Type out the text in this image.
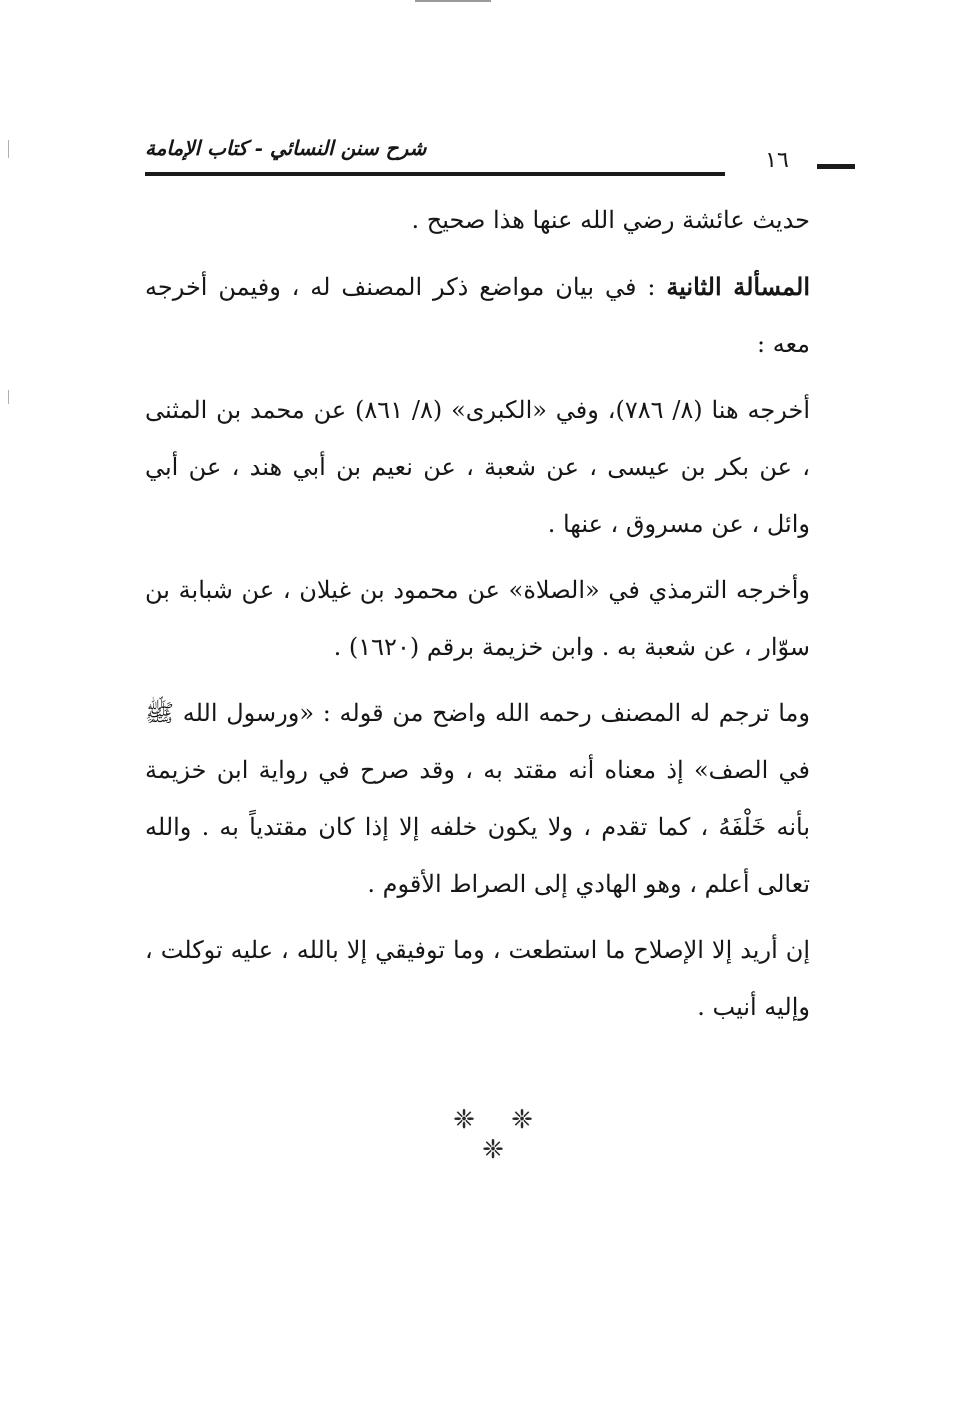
شرح سنن النسائي - كتاب الإمامة	١٦

حديث عائشة رضي الله عنها هذا صحيح .

المسألة الثانية : في بيان مواضع ذكر المصنف له ، وفيمن أخرجه معه :

أخرجه هنا (٨/ ٧٨٦)، وفي «الكبرى» (٨/ ٨٦١) عن محمد بن المثنى ، عن بكر بن عيسى ، عن شعبة ، عن نعيم بن أبي هند ، عن أبي وائل ، عن مسروق ، عنها .

وأخرجه الترمذي في «الصلاة» عن محمود بن غيلان ، عن شبابة بن سوّار ، عن شعبة به . وابن خزيمة برقم (١٦٢٠) .

وما ترجم له المصنف رحمه الله واضح من قوله : «ورسول الله ﷺ في الصف» إذ معناه أنه مقتد به ، وقد صرح في رواية ابن خزيمة بأنه خَلْفَهُ ، كما تقدم ، ولا يكون خلفه إلا إذا كان مقتدياً به . والله تعالى أعلم ، وهو الهادي إلى الصراط الأقوم .

إن أريد إلا الإصلاح ما استطعت ، وما توفيقي إلا بالله ، عليه توكلت ، وإليه أنيب .

❈ ❈ ❈
